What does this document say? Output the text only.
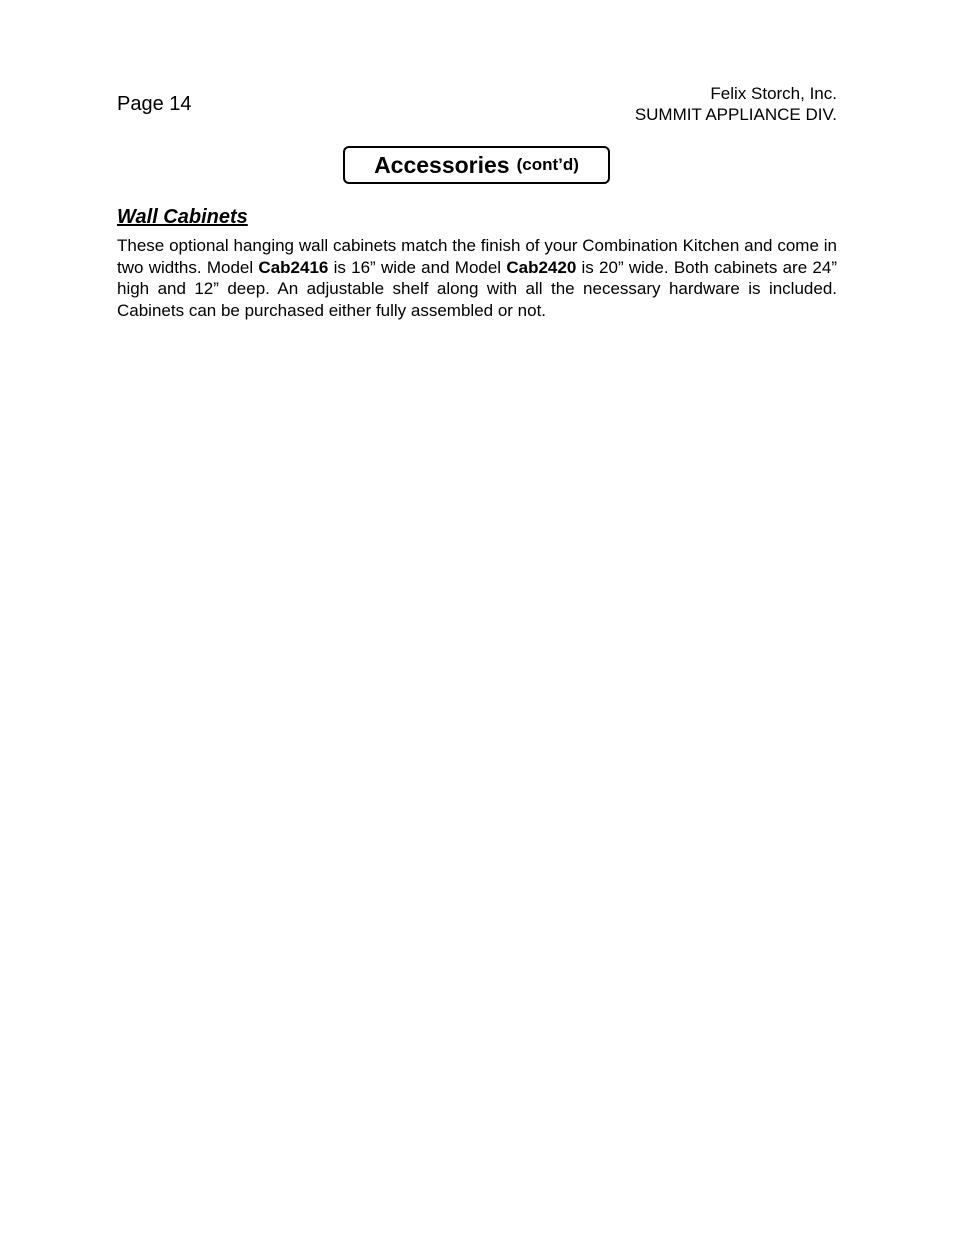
Page 14	Felix Storch, Inc.
SUMMIT APPLIANCE DIV.
Accessories (cont’d)
Wall Cabinets
These optional hanging wall cabinets match the finish of your Combination Kitchen and come in two widths. Model Cab2416 is 16” wide and Model Cab2420 is 20” wide. Both cabinets are 24” high and 12” deep. An adjustable shelf along with all the necessary hardware is included. Cabinets can be purchased either fully assembled or not.
